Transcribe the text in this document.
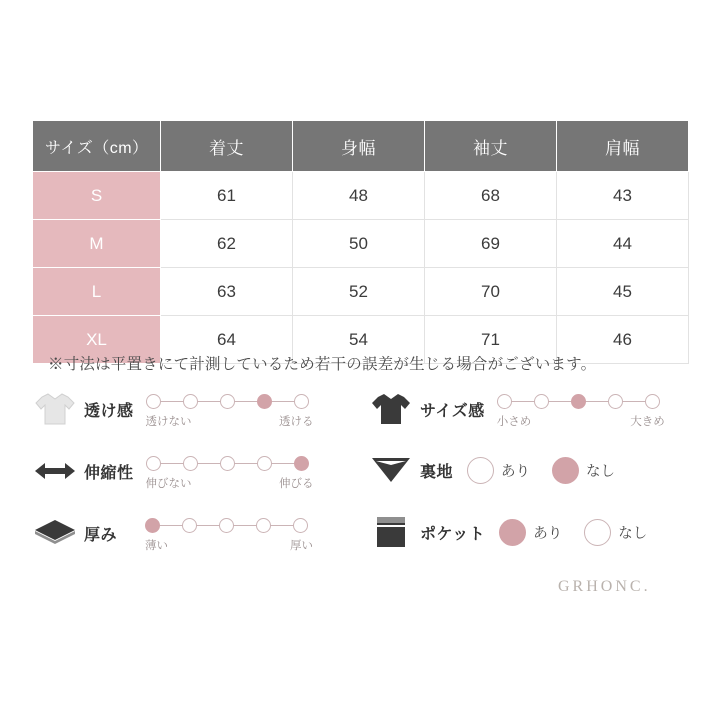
サイズ（cm）	着丈	身幅	袖丈	肩幅
S	61	48	68	43
M	62	50	69	44
L	63	52	70	45
XL	64	54	71	46
※寸法は平置きにて計測しているため若干の誤差が生じる場合がございます。
透け感
透けない	透ける
伸縮性
伸びない	伸びる
厚み
薄い	厚い
サイズ感
小さめ	大きめ
裏地	あり	なし
ポケット	あり	なし
GRHONC.
